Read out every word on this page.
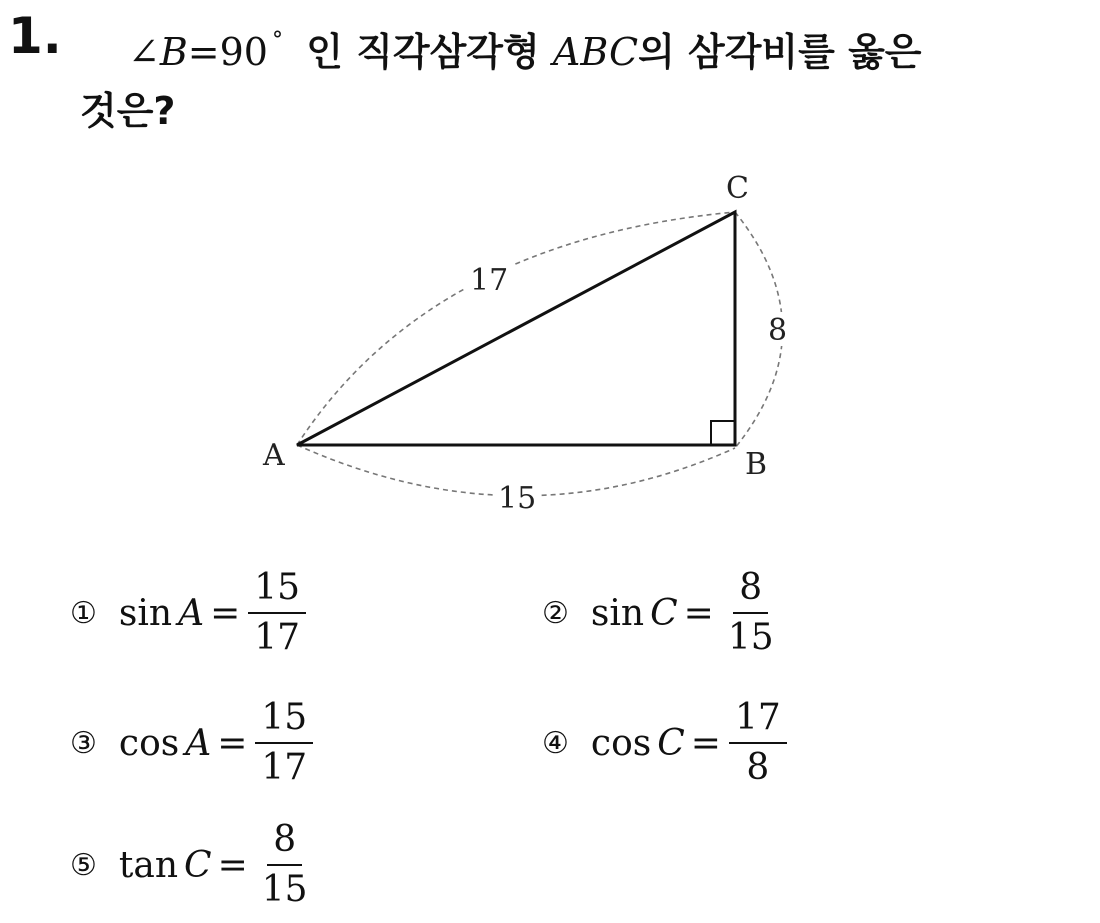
1. ∠B=90 ° 인 직각삼각형 ABC의 삼각비를 옳은
것은?
A	B
C
17
15
8
① $\sin A = \frac{15}{17}$	② $\sin C = \frac{8}{15}$
③ $\cos A = \frac{15}{17}$	④ $\cos C = \frac{17}{8}$
⑤ $\tan C = \frac{8}{15}$
